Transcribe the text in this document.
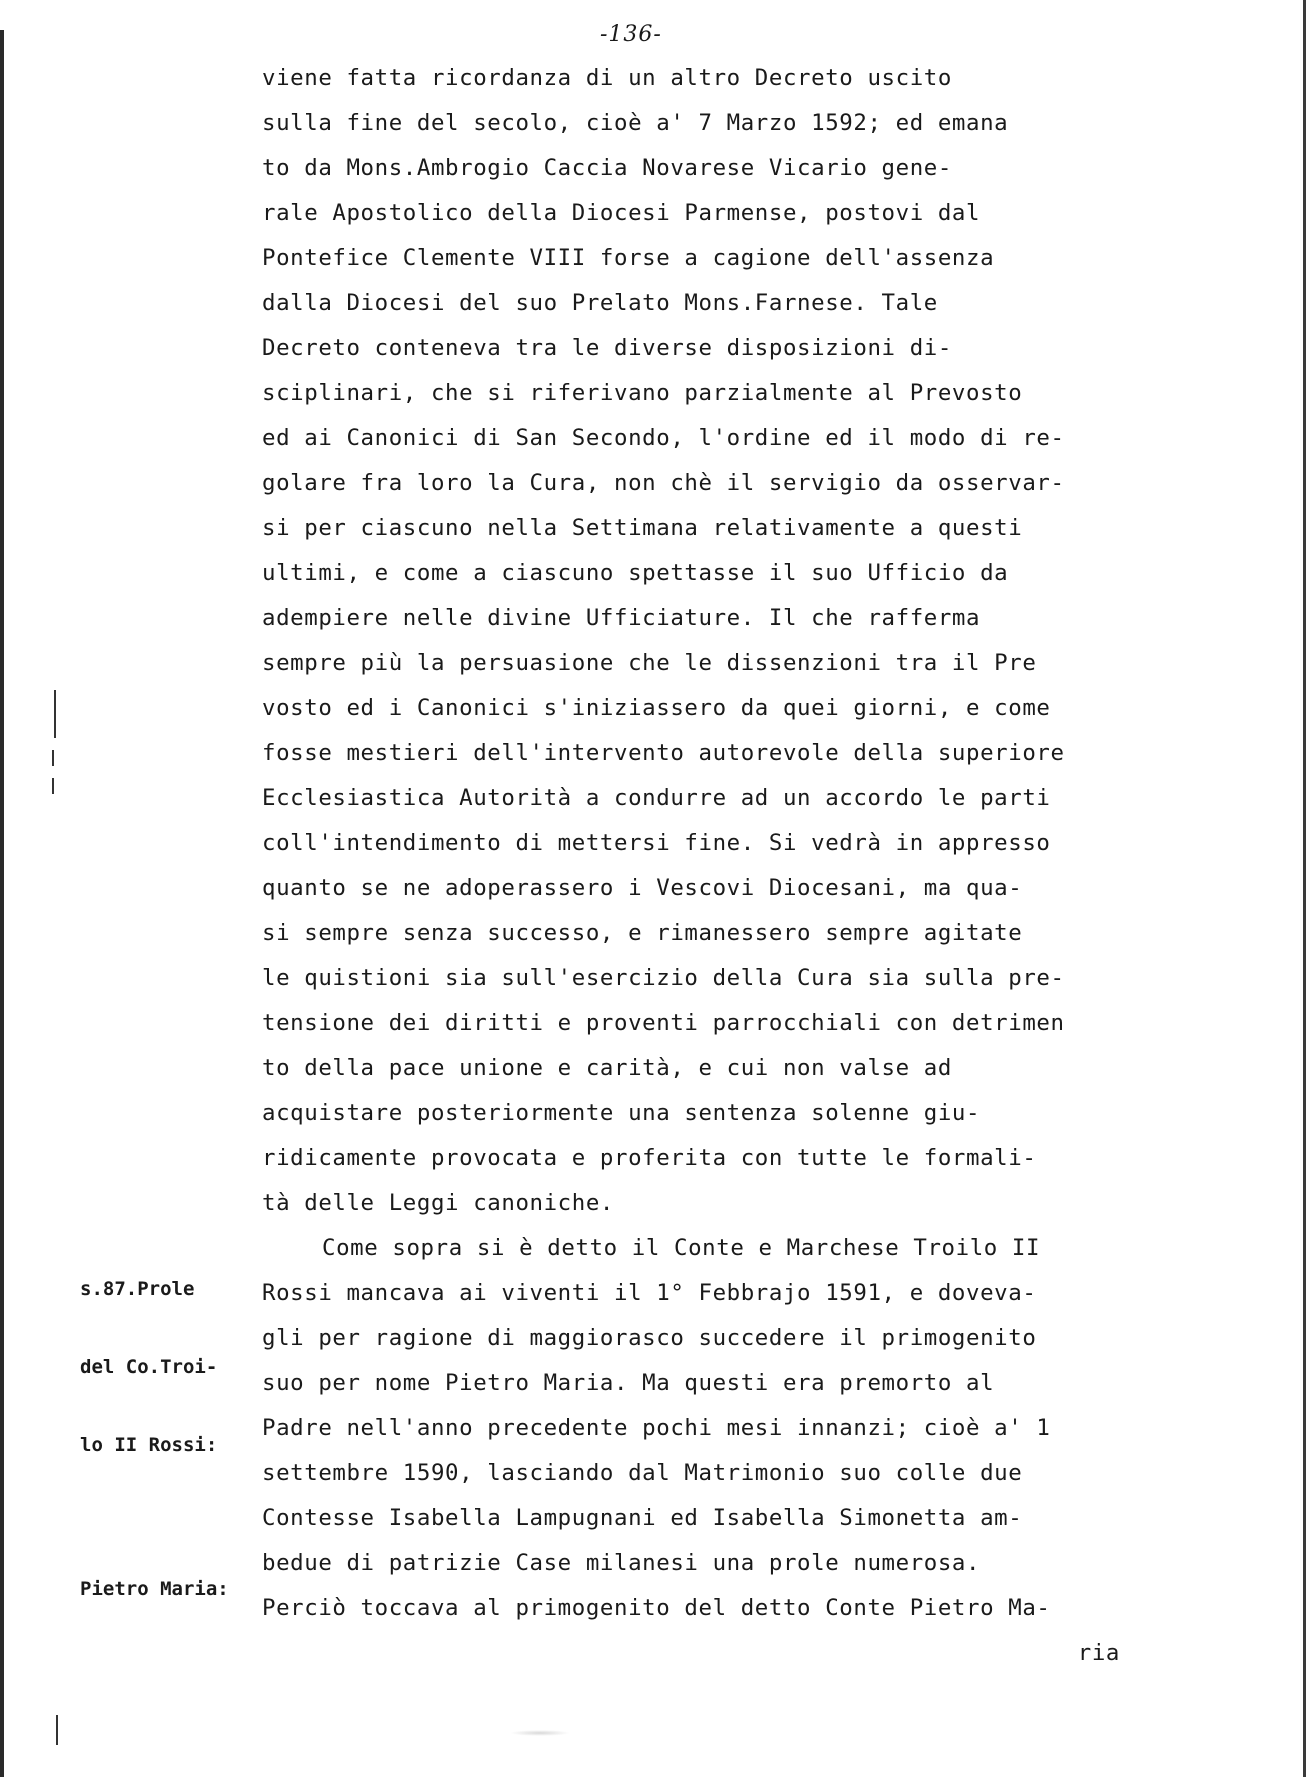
-136-
viene fatta ricordanza di un altro Decreto uscito
sulla fine del secolo, cioè a' 7 Marzo 1592; ed emana
to da Mons.Ambrogio Caccia Novarese Vicario gene-
rale Apostolico della Diocesi Parmense, postovi dal
Pontefice Clemente VIII forse a cagione dell'assenza
dalla Diocesi del suo Prelato Mons.Farnese. Tale
Decreto conteneva tra le diverse disposizioni di-
sciplinari, che si riferivano parzialmente al Prevosto
ed ai Canonici di San Secondo, l'ordine ed il modo di re-
golare fra loro la Cura, non chè il servigio da osservar-
si per ciascuno nella Settimana relativamente a questi
ultimi, e come a ciascuno spettasse il suo Ufficio da
adempiere nelle divine Ufficiature. Il che rafferma
sempre più la persuasione che le dissenzioni tra il Pre
vosto ed i Canonici s'iniziassero da quei giorni, e come
fosse mestieri dell'intervento autorevole della superiore
Ecclesiastica Autorità a condurre ad un accordo le parti
coll'intendimento di mettersi fine. Si vedrà in appresso
quanto se ne adoperassero i Vescovi Diocesani, ma qua-
si sempre senza successo, e rimanessero sempre agitate
le quistioni sia sull'esercizio della Cura sia sulla pre-
tensione dei diritti e proventi parrocchiali con detrimen
to della pace unione e carità, e cui non valse ad
acquistare posteriormente una sentenza solenne giu-
ridicamente provocata e proferita con tutte le formali-
tà delle Leggi canoniche.
Come sopra si è detto il Conte e Marchese Troilo II
Rossi mancava ai viventi il 1° Febbrajo 1591, e doveva-
gli per ragione di maggiorasco succedere il primogenito
suo per nome Pietro Maria. Ma questi era premorto al
Padre nell'anno precedente pochi mesi innanzi; cioè a' 1
settembre 1590, lasciando dal Matrimonio suo colle due
Contesse Isabella Lampugnani ed Isabella Simonetta am-
bedue di patrizie Case milanesi una prole numerosa.
Perciò toccava al primogenito del detto Conte Pietro Ma-
ria

s.87.Prole

del Co.Troi-

lo II Rossi:

Pietro Maria:
